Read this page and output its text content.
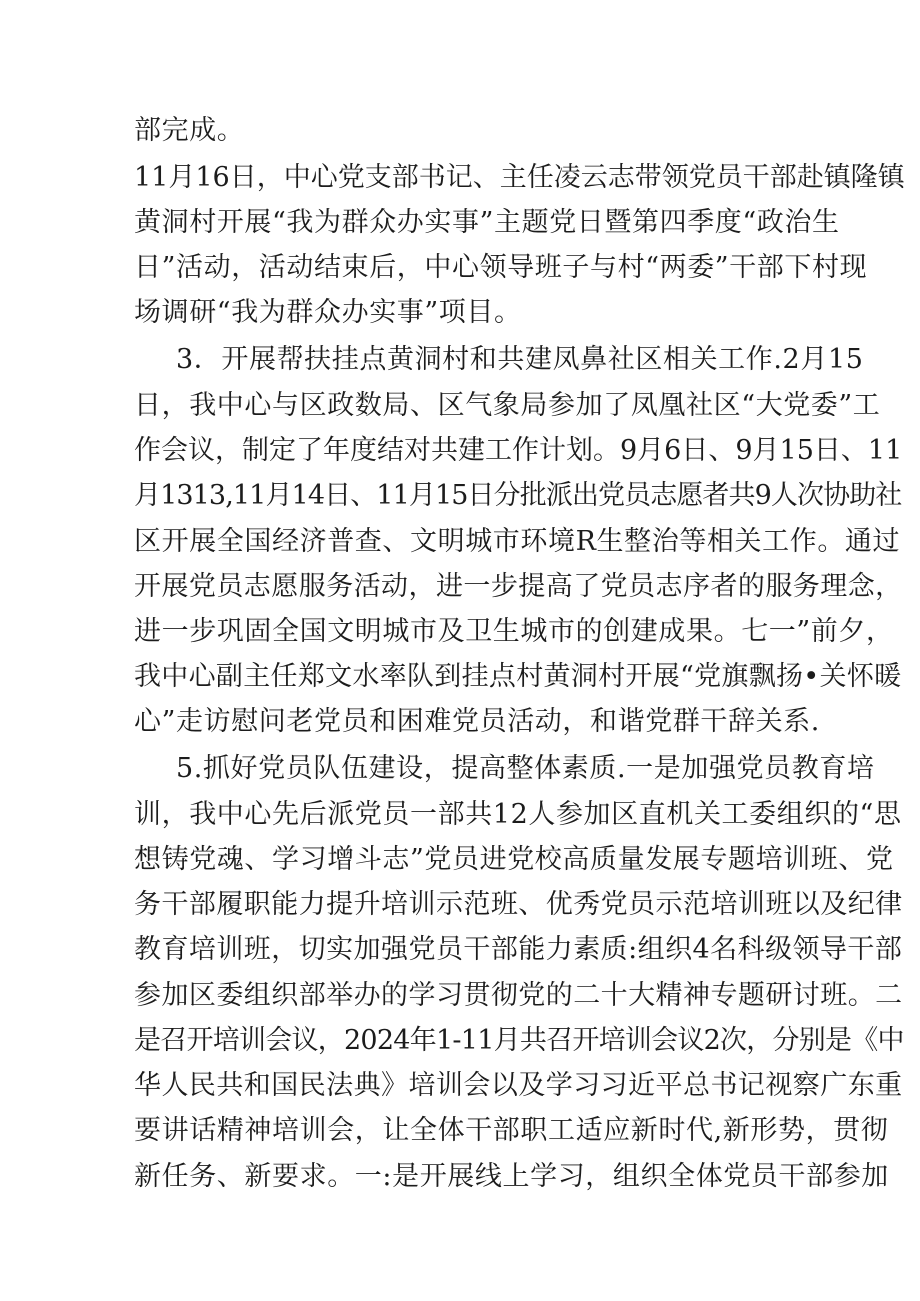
部完成。
11月16日，中心党支部书记、主任凌云志带领党员干部赴镇隆镇
黄洞村开展“我为群众办实事”主题党日暨第四季度“政治生
日”活动，活动结束后，中心领导班子与村“两委”干部下村现
场调研“我为群众办实事”项目。
3．开展帮扶挂点黄洞村和共建凤鼻社区相关工作.2月15
日，我中心与区政数局、区气象局参加了凤凰社区“大党委”工
作会议，制定了年度结对共建工作计划。9月6日、9月15日、11
月1313,11月14日、11月15日分批派出党员志愿者共9人次协助社
区开展全国经济普查、文明城市环境R生整治等相关工作。通过
开展党员志愿服务活动，进一步提高了党员志序者的服务理念，
进一步巩固全国文明城市及卫生城市的创建成果。七一”前夕，
我中心副主任郑文水率队到挂点村黄洞村开展“党旗飘扬•关怀暖
心”走访慰问老党员和困难党员活动，和谐党群干辞关系.
5.抓好党员队伍建设，提高整体素质.一是加强党员教育培
训，我中心先后派党员一部共12人参加区直机关工委组织的“思
想铸党魂、学习增斗志”党员进党校高质量发展专题培训班、党
务干部履职能力提升培训示范班、优秀党员示范培训班以及纪律
教育培训班，切实加强党员干部能力素质:组织4名科级领导干部
参加区委组织部举办的学习贯彻党的二十大精神专题研讨班。二
是召开培训会议，2024年1-11月共召开培训会议2次，分别是《中
华人民共和国民法典》培训会以及学习习近平总书记视察广东重
要讲话精神培训会，让全体干部职工适应新时代,新形势，贯彻
新任务、新要求。一:是开展线上学习，组织全体党员干部参加
